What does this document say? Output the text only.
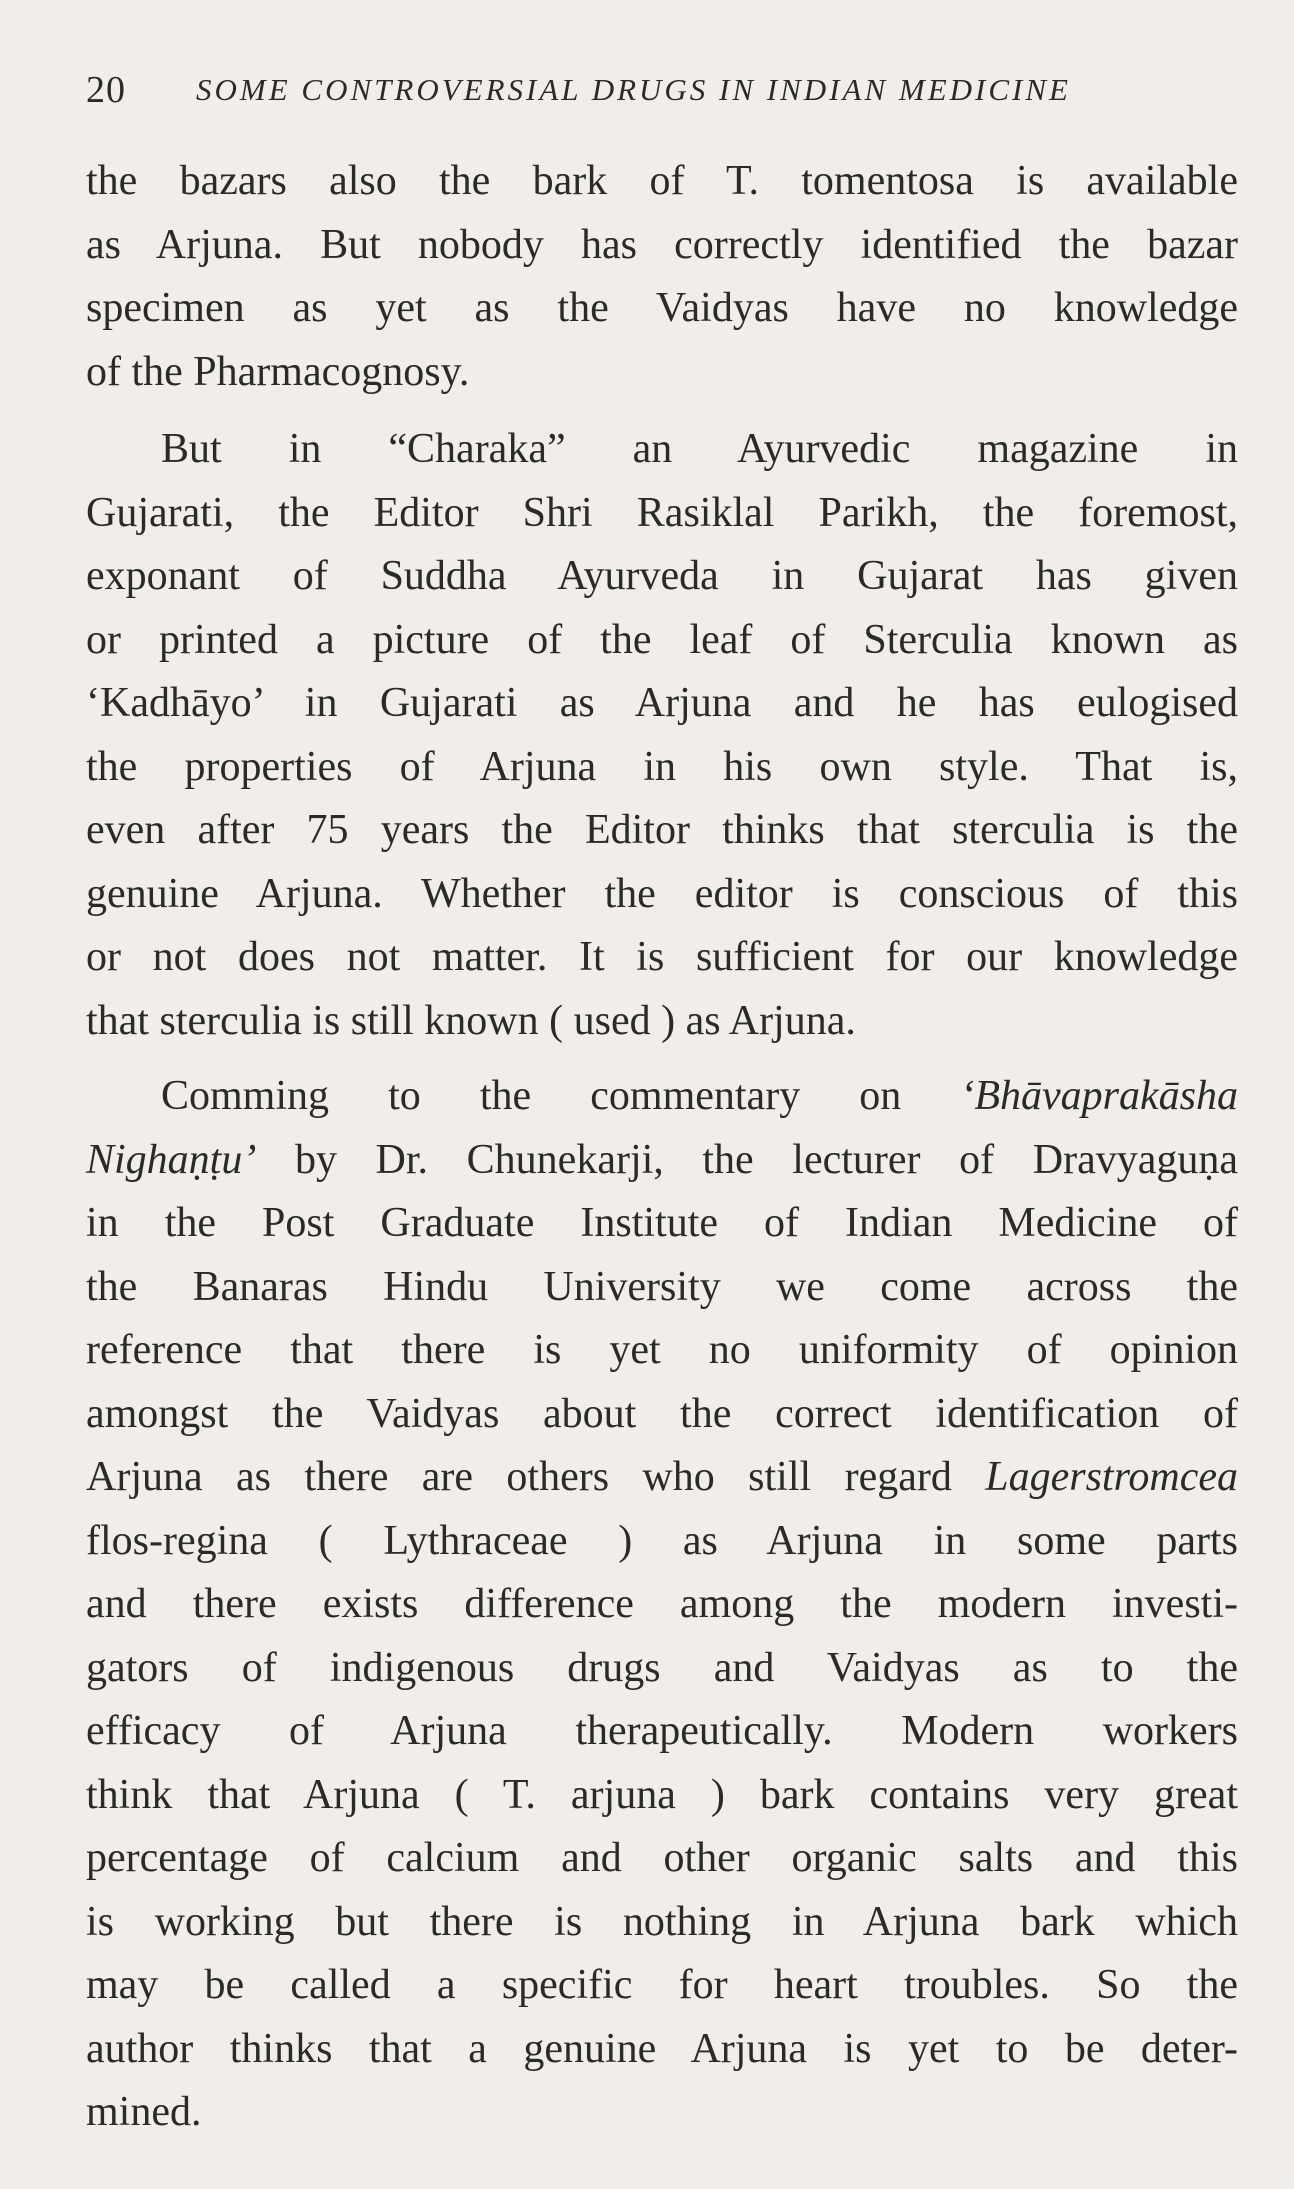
20 SOME CONTROVERSIAL DRUGS IN INDIAN MEDICINE

the bazars also the bark of T. tomentosa is available
as Arjuna. But nobody has correctly identified the bazar
specimen as yet as the Vaidyas have no knowledge
of the Pharmacognosy.

But in “Charaka” an Ayurvedic magazine in
Gujarati, the Editor Shri Rasiklal Parikh, the foremost,
exponant of Suddha Ayurveda in Gujarat has given
or printed a picture of the leaf of Sterculia known as
‘Kadhāyo’ in Gujarati as Arjuna and he has eulogised
the properties of Arjuna in his own style. That is,
even after 75 years the Editor thinks that sterculia is the
genuine Arjuna. Whether the editor is conscious of this
or not does not matter. It is sufficient for our knowledge
that sterculia is still known ( used ) as Arjuna.

Comming to the commentary on ‘Bhāvaprakāsha
Nighaṇṭu’ by Dr. Chunekarji, the lecturer of Dravyaguṇa
in the Post Graduate Institute of Indian Medicine of
the Banaras Hindu University we come across the
reference that there is yet no uniformity of opinion
amongst the Vaidyas about the correct identification of
Arjuna as there are others who still regard Lagerstromcea
flos-regina ( Lythraceae ) as Arjuna in some parts
and there exists difference among the modern investi-
gators of indigenous drugs and Vaidyas as to the
efficacy of Arjuna therapeutically. Modern workers
think that Arjuna ( T. arjuna ) bark contains very great
percentage of calcium and other organic salts and this
is working but there is nothing in Arjuna bark which
may be called a specific for heart troubles. So the
author thinks that a genuine Arjuna is yet to be deter-
mined.
